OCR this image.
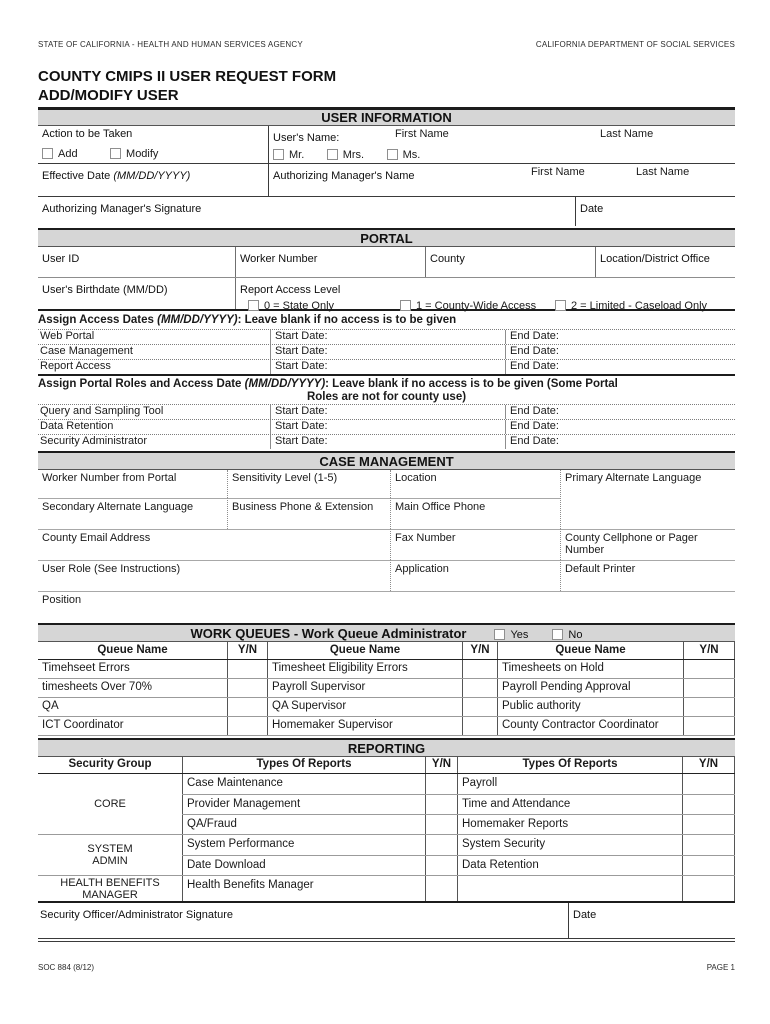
STATE OF CALIFORNIA - HEALTH AND HUMAN SERVICES AGENCY	CALIFORNIA DEPARTMENT OF SOCIAL SERVICES
COUNTY CMIPS II USER REQUEST FORM
ADD/MODIFY USER
USER INFORMATION
Action to be Taken
Add	Modify
User's Name:	First Name	Last Name
Mr.	Mrs.	Ms.
Effective Date (MM/DD/YYYY)	Authorizing Manager's Name	First Name	Last Name
Authorizing Manager's Signature	Date
PORTAL
User ID	Worker Number	County	Location/District Office
User's Birthdate (MM/DD)	Report Access Level
0 = State Only	1 = County-Wide Access	2 = Limited - Caseload Only
Assign Access Dates (MM/DD/YYYY): Leave blank if no access is to be given
Web Portal	Start Date:	End Date:
Case Management	Start Date:	End Date:
Report Access	Start Date:	End Date:
Assign Portal Roles and Access Date (MM/DD/YYYY): Leave blank if no access is to be given (Some Portal
Roles are not for county use)
Query and Sampling Tool	Start Date:	End Date:
Data Retention	Start Date:	End Date:
Security Administrator	Start Date:	End Date:
CASE MANAGEMENT
Worker Number from Portal	Sensitivity Level (1-5)	Location	Primary Alternate Language
Secondary Alternate Language	Business Phone & Extension	Main Office Phone
County Email Address	Fax Number	County Cellphone or Pager Number
User Role (See Instructions)	Application	Default Printer
Position
WORK QUEUES - Work Queue Administrator	Yes	No
Queue Name	Y/N	Queue Name	Y/N	Queue Name	Y/N
Timehseet Errors	Timesheet Eligibility Errors	Timesheets on Hold
timesheets Over 70%	Payroll Supervisor	Payroll Pending Approval
QA	QA Supervisor	Public authority
ICT Coordinator	Homemaker Supervisor	County Contractor Coordinator
REPORTING
Security Group	Types Of Reports	Y/N	Types Of Reports	Y/N
CORE
Case Maintenance	Payroll
Provider Management	Time and Attendance
QA/Fraud	Homemaker Reports
SYSTEM
ADMIN
System Performance	System Security
Date Download	Data Retention
HEALTH BENEFITS
MANAGER
Health Benefits Manager
Security Officer/Administrator Signature	Date
SOC 884 (8/12)	PAGE 1
